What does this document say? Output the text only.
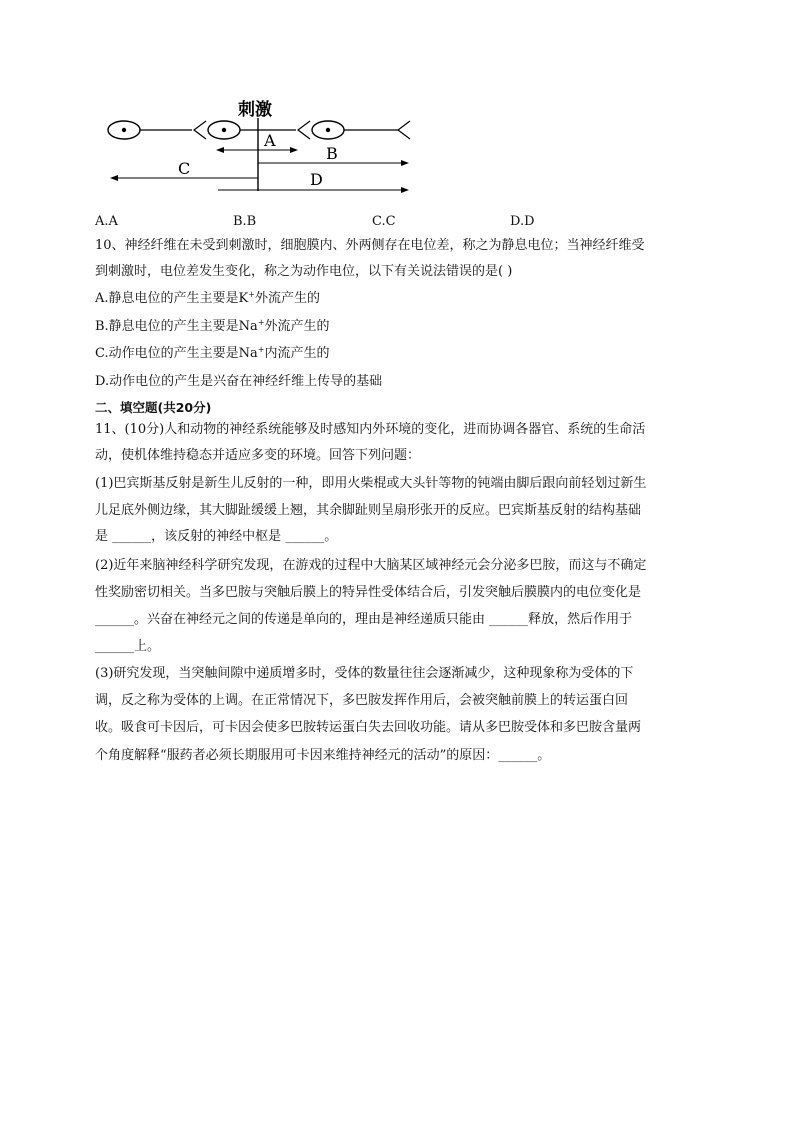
刺激
A
B
C
D
A.A	B.B	C.C	D.D
10、神经纤维在未受到刺激时，细胞膜内、外两侧存在电位差，称之为静息电位；当神经纤维受
到刺激时，电位差发生变化，称之为动作电位，以下有关说法错误的是( )
A.静息电位的产生主要是K+外流产生的
B.静息电位的产生主要是Na+外流产生的
C.动作电位的产生主要是Na+内流产生的
D.动作电位的产生是兴奋在神经纤维上传导的基础
二、填空题(共20分)
11、(10分)人和动物的神经系统能够及时感知内外环境的变化，进而协调各器官、系统的生命活
动，使机体维持稳态并适应多变的环境。回答下列问题：
(1)巴宾斯基反射是新生儿反射的一种，即用火柴棍或大头针等物的钝端由脚后跟向前轻划过新生
儿足底外侧边缘，其大脚趾缓缓上翘，其余脚趾则呈扇形张开的反应。巴宾斯基反射的结构基础
是 ______，该反射的神经中枢是 ______。
(2)近年来脑神经科学研究发现，在游戏的过程中大脑某区域神经元会分泌多巴胺，而这与不确定
性奖励密切相关。当多巴胺与突触后膜上的特异性受体结合后，引发突触后膜膜内的电位变化是
______。兴奋在神经元之间的传递是单向的，理由是神经递质只能由 ______释放，然后作用于
______上。
(3)研究发现，当突触间隙中递质增多时，受体的数量往往会逐渐减少，这种现象称为受体的下
调，反之称为受体的上调。在正常情况下，多巴胺发挥作用后，会被突触前膜上的转运蛋白回
收。吸食可卡因后，可卡因会使多巴胺转运蛋白失去回收功能。请从多巴胺受体和多巴胺含量两
个角度解释“服药者必须长期服用可卡因来维持神经元的活动”的原因：______。
